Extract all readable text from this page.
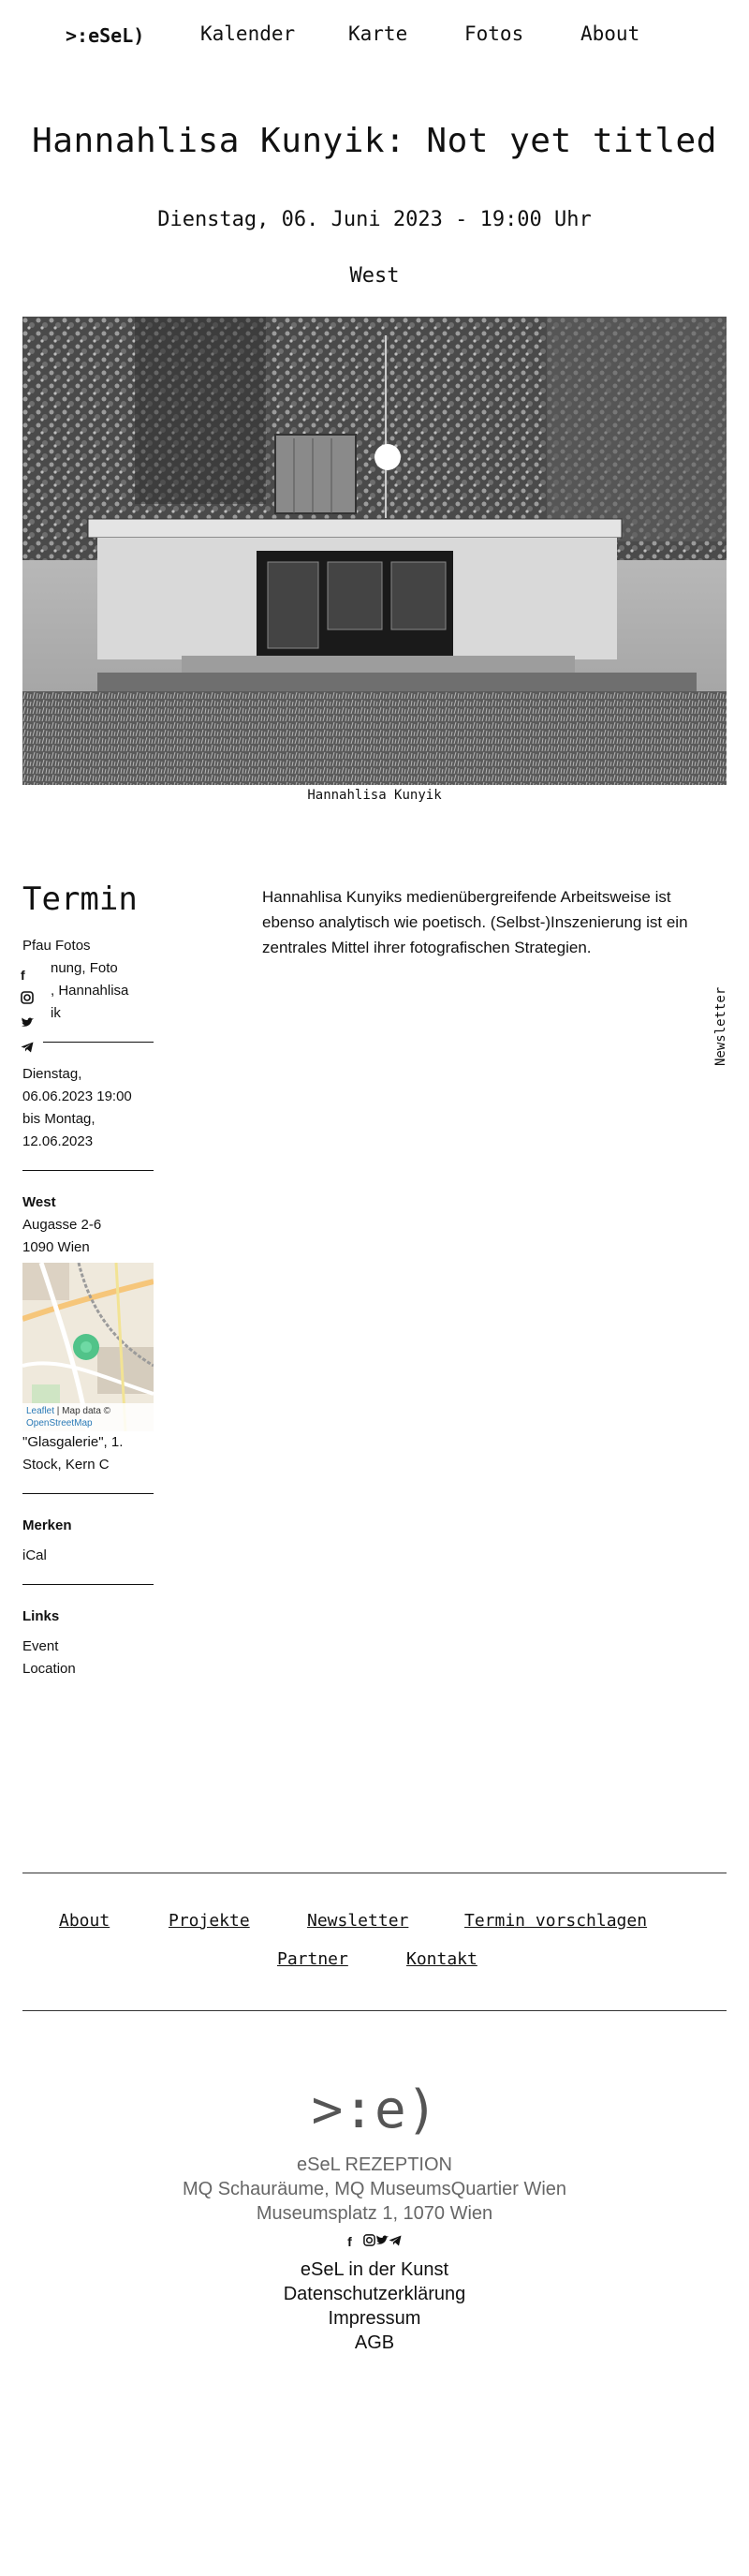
>:eSeL)	Kalender	Karte	Fotos	About
Hannahlisa Kunyik: Not yet titled
Dienstag, 06. Juni 2023 - 19:00 Uhr
West
Hannahlisa Kunyik
Termin
Pfau Fotos
nung, Foto
, Hannahlisa
ik
f
Dienstag,
06.06.2023 19:00
bis Montag,
12.06.2023
West
Augasse 2-6
1090 Wien
Leaflet | Map data ©
OpenStreetMap
"Glasgalerie", 1. Stock, Kern C
Merken
iCal
Links
Event
Location

Hannahlisa Kunyiks medienübergreifende Arbeitsweise ist ebenso analytisch wie poetisch. (Selbst-)Inszenierung ist ein zentrales Mittel ihrer fotografischen Strategien.

Newsletter
About	Projekte	Newsletter	Termin vorschlagen
Partner	Kontakt
>:e)
eSeL REZEPTION
MQ Schauräume, MQ MuseumsQuartier Wien
Museumsplatz 1, 1070 Wien
f
eSeL in der Kunst
Datenschutzerklärung
Impressum
AGB
